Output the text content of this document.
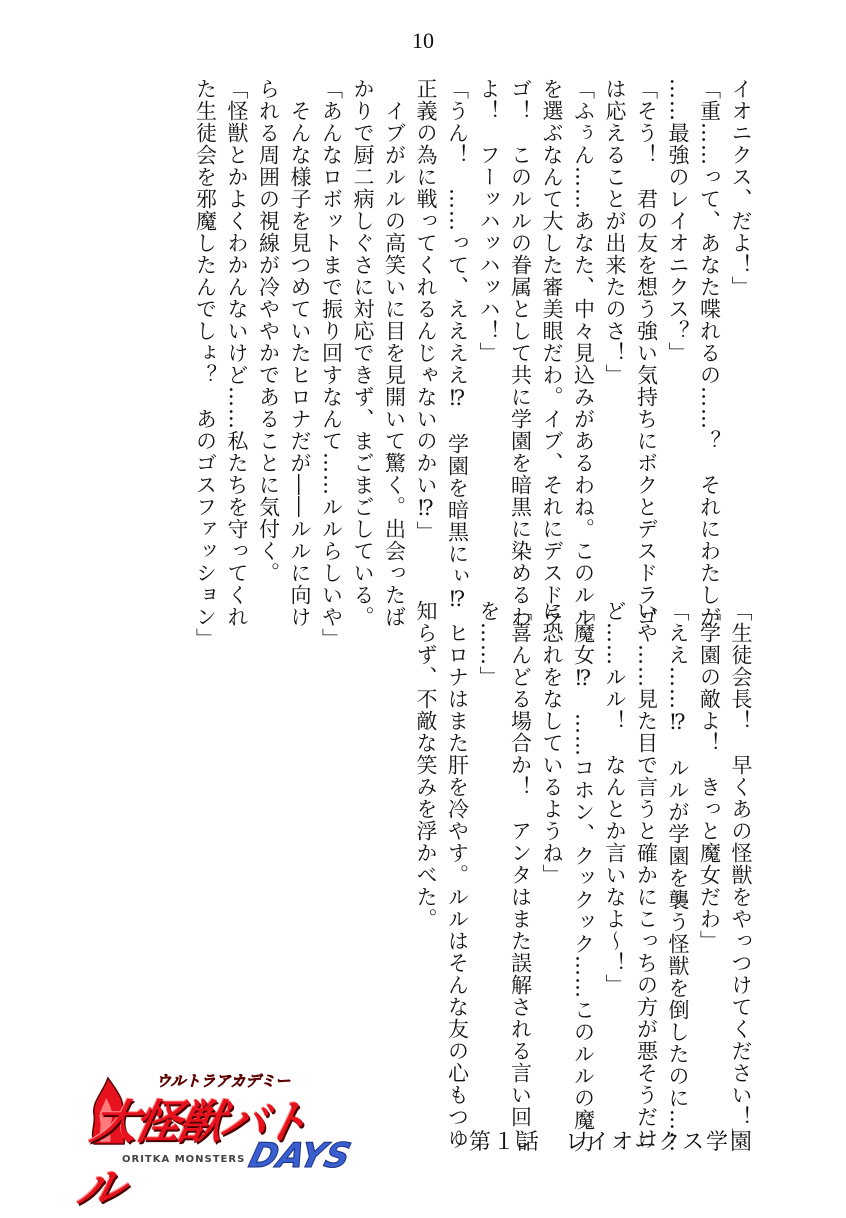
10

イオニクス、だよ！」

「重……って、あなた喋れるの……？　それにわたしが

……最強のレイオニクス？」

「そう！　君の友を想う強い気持ちにボクとデスドラゴ

は応えることが出来たのさ！」

「ふぅん……あなた、中々見込みがあるわね。このルル

を選ぶなんて大した審美眼だわ。イブ、それにデスドラ

ゴ！　このルルの眷属として共に学園を暗黒に染めるわ

よ！　フーッハッハッハ！」

「うん！　……って、ええええ⁉　学園を暗黒にぃ⁉

正義の為に戦ってくれるんじゃないのかい⁉」

　イブがルルの高笑いに目を見開いて驚く。出会ったば

かりで厨二病しぐさに対応できず、まごまごしている。

「あんなロボットまで振り回すなんて……ルルらしいや」

　そんな様子を見つめていたヒロナだが――ルルに向け

られる周囲の視線が冷ややかであることに気付く。

「怪獣とかよくわかんないけど……私たちを守ってくれ

た生徒会を邪魔したんでしょ？　あのゴスファッション」

「生徒会長！　早くあの怪獣をやっつけてください！」

「学園の敵よ！　きっと魔女だわ」

「ええ……⁉　ルルが学園を襲う怪獣を倒したのに……

いや……見た目で言うと確かにこっちの方が悪そうだけ

ど……ルル！　なんとか言いなよ～！」

「魔女⁉　……コホン、クックック……このルルの魔力

に恐れをなしているようね」

「喜んどる場合か！　アンタはまた誤解される言い回し

を……」

　ヒロナはまた肝を冷やす。ルルはそんな友の心もつゆ

知らず、不敵な笑みを浮かべた。

ウルトラアカデミー
大怪獣バトル
DAYS
ORITKA MONSTERS
第１話　レイオニクス学園
